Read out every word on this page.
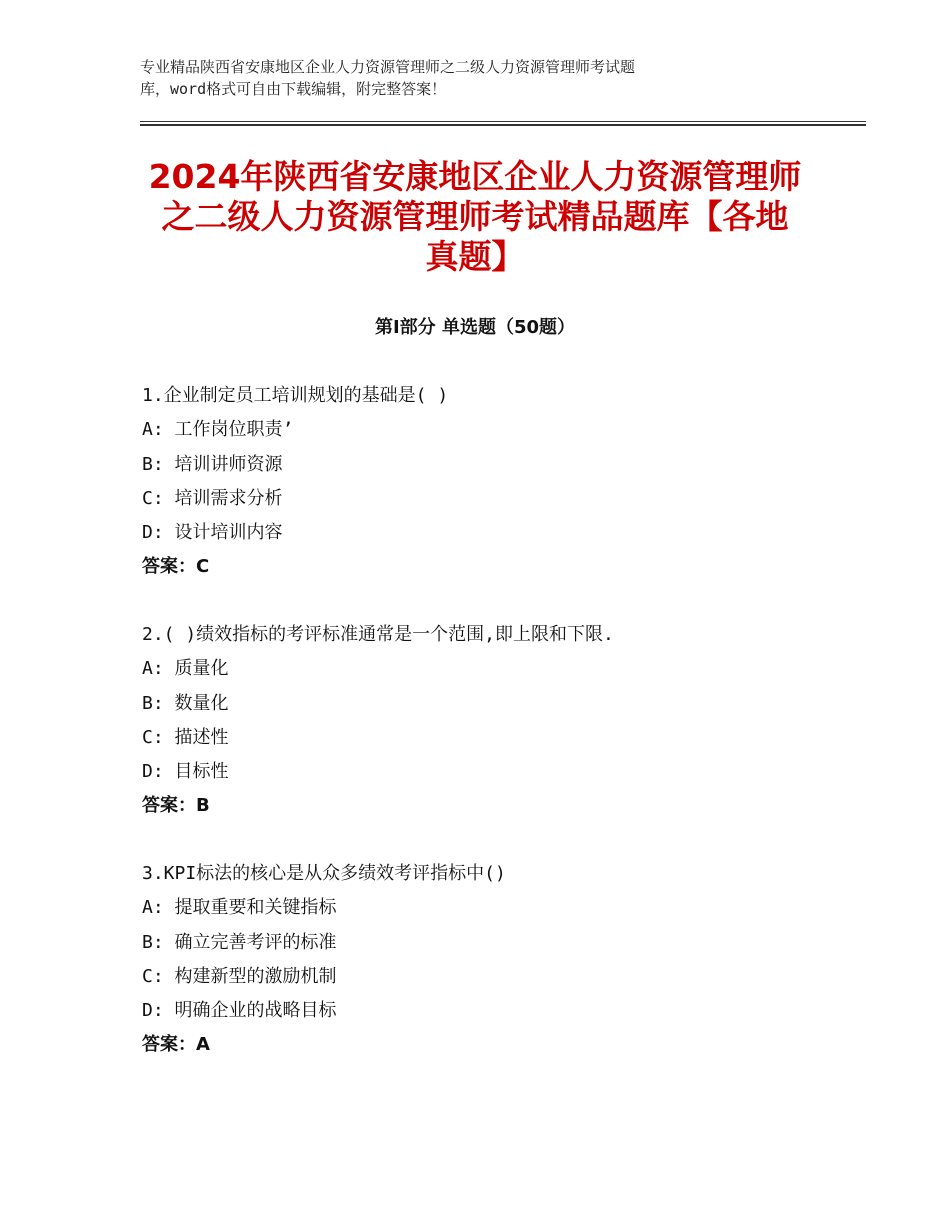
专业精品陕西省安康地区企业人力资源管理师之二级人力资源管理师考试题
库，word格式可自由下载编辑，附完整答案！
2024年陕西省安康地区企业人力资源管理师
之二级人力资源管理师考试精品题库【各地
真题】
第Ⅰ部分 单选题（50题）
1.企业制定员工培训规划的基础是( )
A: 工作岗位职责’
B: 培训讲师资源
C: 培训需求分析
D: 设计培训内容
答案：C
2.( )绩效指标的考评标准通常是一个范围,即上限和下限.
A: 质量化
B: 数量化
C: 描述性
D: 目标性
答案：B
3.KPI标法的核心是从众多绩效考评指标中()
A: 提取重要和关键指标
B: 确立完善考评的标准
C: 构建新型的激励机制
D: 明确企业的战略目标
答案：A
